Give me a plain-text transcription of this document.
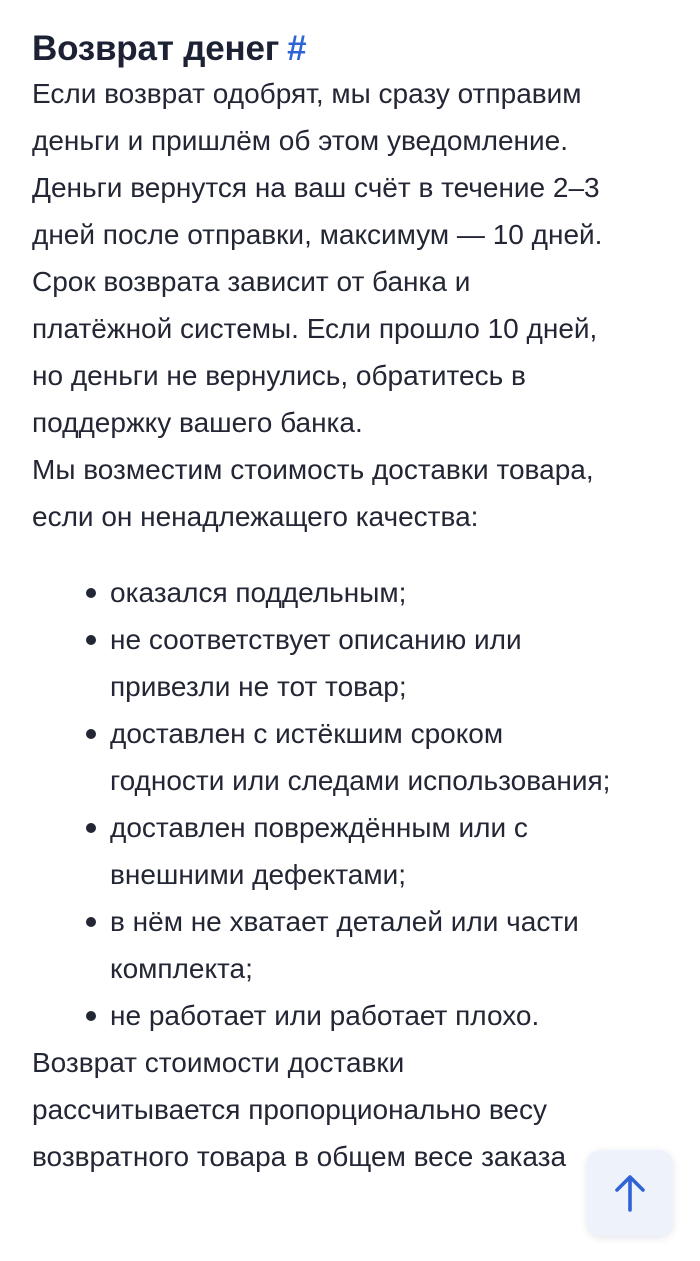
Возврат денег #

Если возврат одобрят, мы сразу отправим
деньги и пришлём об этом уведомление.
Деньги вернутся на ваш счёт в течение 2–3
дней после отправки, максимум — 10 дней.
Срок возврата зависит от банка и
платёжной системы. Если прошло 10 дней,
но деньги не вернулись, обратитесь в
поддержку вашего банка.

Мы возместим стоимость доставки товара,
если он ненадлежащего качества:

оказался поддельным;
не соответствует описанию или
привезли не тот товар;
доставлен с истёкшим сроком
годности или следами использования;
доставлен повреждённым или с
внешними дефектами;
в нём не хватает деталей или части
комплекта;
не работает или работает плохо.

Возврат стоимости доставки
рассчитывается пропорционально весу
возвратного товара в общем весе заказа
